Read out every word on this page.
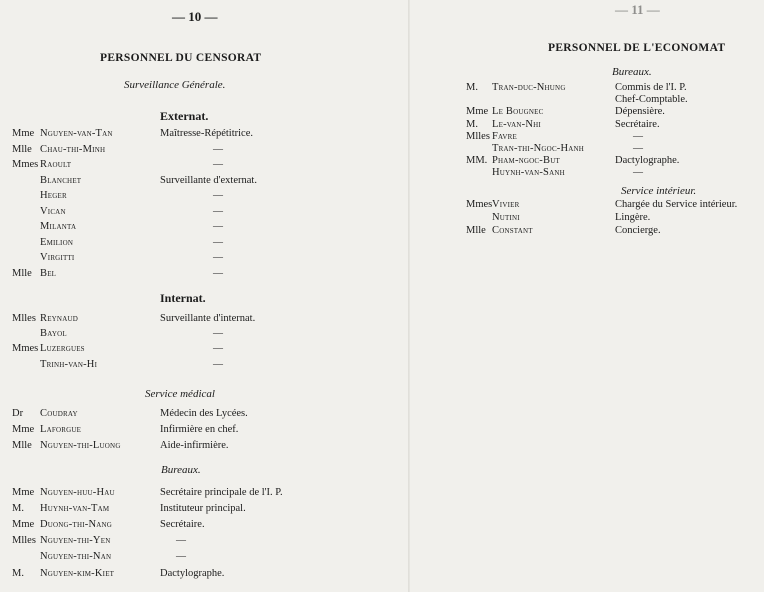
— 10 —
PERSONNEL DU CENSORAT
Surveillance Générale.
Externat.
Mme Nguyen-van-Tan	Maîtresse-Répétitrice.
Mlle Chau-thi-Minh	—
Mmes Raoult	—
Blanchet	Surveillante d'externat.
Heger	—
Vican	—
Milanta	—
Emilion	—
Virgitti	—
Mlle Bel	—
Internat.
Mlles Reynaud	Surveillante d'internat.
Bayol	—
Mmes Luzergues	—
Trinh-van-Hi	—
Service médical
Dr Coudray	Médecin des Lycées.
Mme Laforgue	Infirmière en chef.
Mlle Nguyen-thi-Luong	Aide-infirmière.
Bureaux.
Mme Nguyen-huu-Hau	Secrétaire principale de l'I. P.
M. Huynh-van-Tam	Instituteur principal.
Mme Duong-thi-Nang	Secrétaire.
Mlles Nguyen-thi-Yen	—
Nguyen-thi-Nan	—
M. Nguyen-kim-Kiet	Dactylographe.
— 11 —
PERSONNEL DE L'ECONOMAT
Bureaux.
M. Tran-duc-Nhung	Commis de l'I. P.
Chef-Comptable.
Mme Le Bougnec	Dépensière.
M. Le-van-Nhi	Secrétaire.
Mlles Favre	—
Tran-thi-Ngoc-Hanh	—
MM. Pham-ngoc-But	Dactylographe.
Huynh-van-Sanh	—
Service intérieur.
Mmes Vivier	Chargée du Service intérieur.
Nutini	Lingère.
Mlle Constant	Concierge.
